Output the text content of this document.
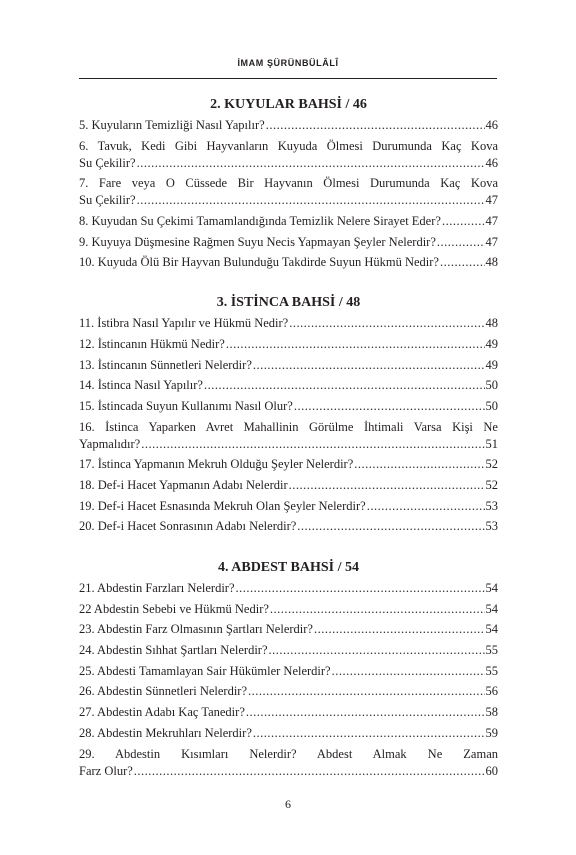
İMAM ŞÜRÜNBÜLÂLÎ
2. KUYULAR BAHSİ / 46
5. Kuyuların Temizliği Nasıl Yapılır? .....	46
6. Tavuk, Kedi Gibi Hayvanların Kuyuda Ölmesi Durumunda Kaç Kova
Su Çekilir? .....	46
7. Fare veya O Cüssede Bir Hayvanın Ölmesi Durumunda Kaç Kova
Su Çekilir? .....	47
8. Kuyudan Su Çekimi Tamamlandığında Temizlik Nelere Sirayet Eder? .....	47
9. Kuyuya Düşmesine Rağmen Suyu Necis Yapmayan Şeyler Nelerdir? .....	47
10. Kuyuda Ölü Bir Hayvan Bulunduğu Takdirde Suyun Hükmü Nedir? .....	48
3. İSTİNCA BAHSİ / 48
11. İstibra Nasıl Yapılır ve Hükmü Nedir? .....	48
12. İstincanın Hükmü Nedir? .....	49
13. İstincanın Sünnetleri Nelerdir? .....	49
14. İstinca Nasıl Yapılır? .....	50
15. İstincada Suyun Kullanımı Nasıl Olur? .....	50
16. İstinca Yaparken Avret Mahallinin Görülme İhtimali Varsa Kişi Ne
Yapmalıdır? .....	51
17. İstinca Yapmanın Mekruh Olduğu Şeyler Nelerdir? .....	52
18. Def-i Hacet Yapmanın Adabı Nelerdir .....	52
19. Def-i Hacet Esnasında Mekruh Olan Şeyler Nelerdir? .....	53
20. Def-i Hacet Sonrasının Adabı Nelerdir? .....	53
4. ABDEST BAHSİ / 54
21. Abdestin Farzları Nelerdir? .....	54
22 Abdestin Sebebi ve Hükmü Nedir? .....	54
23. Abdestin Farz Olmasının Şartları Nelerdir? .....	54
24. Abdestin Sıhhat Şartları Nelerdir? .....	55
25. Abdesti Tamamlayan Sair Hükümler Nelerdir? .....	55
26. Abdestin Sünnetleri Nelerdir? .....	56
27. Abdestin Adabı Kaç Tanedir? .....	58
28. Abdestin Mekruhları Nelerdir? .....	59
29. Abdestin Kısımları Nelerdir? Abdest Almak Ne Zaman
Farz Olur? .....	60
6
